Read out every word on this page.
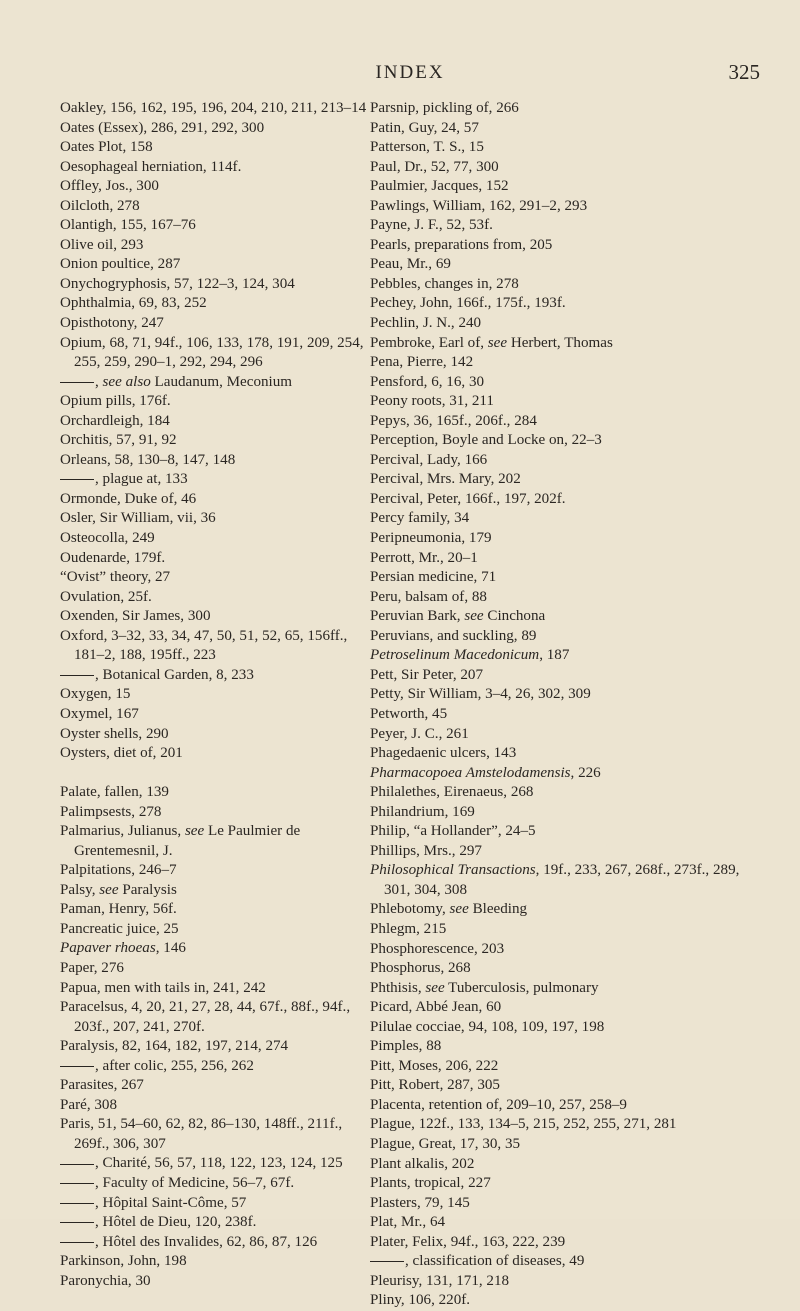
INDEX	325
Oakley, 156, 162, 195, 196, 204, 210, 211, 213–14
Oates (Essex), 286, 291, 292, 300
Oates Plot, 158
Oesophageal herniation, 114f.
Offley, Jos., 300
Oilcloth, 278
Olantigh, 155, 167–76
Olive oil, 293
Onion poultice, 287
Onychogryphosis, 57, 122–3, 124, 304
Ophthalmia, 69, 83, 252
Opisthotony, 247
Opium, 68, 71, 94f., 106, 133, 178, 191, 209, 254, 255, 259, 290–1, 292, 294, 296
, see also Laudanum, Meconium
Opium pills, 176f.
Orchardleigh, 184
Orchitis, 57, 91, 92
Orleans, 58, 130–8, 147, 148
, plague at, 133
Ormonde, Duke of, 46
Osler, Sir William, vii, 36
Osteocolla, 249
Oudenarde, 179f.
“Ovist” theory, 27
Ovulation, 25f.
Oxenden, Sir James, 300
Oxford, 3–32, 33, 34, 47, 50, 51, 52, 65, 156ff., 181–2, 188, 195ff., 223
, Botanical Garden, 8, 233
Oxygen, 15
Oxymel, 167
Oyster shells, 290
Oysters, diet of, 201
Palate, fallen, 139
Palimpsests, 278
Palmarius, Julianus, see Le Paulmier de Grentemesnil, J.
Palpitations, 246–7
Palsy, see Paralysis
Paman, Henry, 56f.
Pancreatic juice, 25
Papaver rhoeas, 146
Paper, 276
Papua, men with tails in, 241, 242
Paracelsus, 4, 20, 21, 27, 28, 44, 67f., 88f., 94f., 203f., 207, 241, 270f.
Paralysis, 82, 164, 182, 197, 214, 274
, after colic, 255, 256, 262
Parasites, 267
Paré, 308
Paris, 51, 54–60, 62, 82, 86–130, 148ff., 211f., 269f., 306, 307
, Charité, 56, 57, 118, 122, 123, 124, 125
, Faculty of Medicine, 56–7, 67f.
, Hôpital Saint-Côme, 57
, Hôtel de Dieu, 120, 238f.
, Hôtel des Invalides, 62, 86, 87, 126
Parkinson, John, 198
Paronychia, 30
Parsnip, pickling of, 266
Patin, Guy, 24, 57
Patterson, T. S., 15
Paul, Dr., 52, 77, 300
Paulmier, Jacques, 152
Pawlings, William, 162, 291–2, 293
Payne, J. F., 52, 53f.
Pearls, preparations from, 205
Peau, Mr., 69
Pebbles, changes in, 278
Pechey, John, 166f., 175f., 193f.
Pechlin, J. N., 240
Pembroke, Earl of, see Herbert, Thomas
Pena, Pierre, 142
Pensford, 6, 16, 30
Peony roots, 31, 211
Pepys, 36, 165f., 206f., 284
Perception, Boyle and Locke on, 22–3
Percival, Lady, 166
Percival, Mrs. Mary, 202
Percival, Peter, 166f., 197, 202f.
Percy family, 34
Peripneumonia, 179
Perrott, Mr., 20–1
Persian medicine, 71
Peru, balsam of, 88
Peruvian Bark, see Cinchona
Peruvians, and suckling, 89
Petroselinum Macedonicum, 187
Pett, Sir Peter, 207
Petty, Sir William, 3–4, 26, 302, 309
Petworth, 45
Peyer, J. C., 261
Phagedaenic ulcers, 143
Pharmacopoea Amstelodamensis, 226
Philalethes, Eirenaeus, 268
Philandrium, 169
Philip, “a Hollander”, 24–5
Phillips, Mrs., 297
Philosophical Transactions, 19f., 233, 267, 268f., 273f., 289, 301, 304, 308
Phlebotomy, see Bleeding
Phlegm, 215
Phosphorescence, 203
Phosphorus, 268
Phthisis, see Tuberculosis, pulmonary
Picard, Abbé Jean, 60
Pilulae cocciae, 94, 108, 109, 197, 198
Pimples, 88
Pitt, Moses, 206, 222
Pitt, Robert, 287, 305
Placenta, retention of, 209–10, 257, 258–9
Plague, 122f., 133, 134–5, 215, 252, 255, 271, 281
Plague, Great, 17, 30, 35
Plant alkalis, 202
Plants, tropical, 227
Plasters, 79, 145
Plat, Mr., 64
Plater, Felix, 94f., 163, 222, 239
, classification of diseases, 49
Pleurisy, 131, 171, 218
Pliny, 106, 220f.
